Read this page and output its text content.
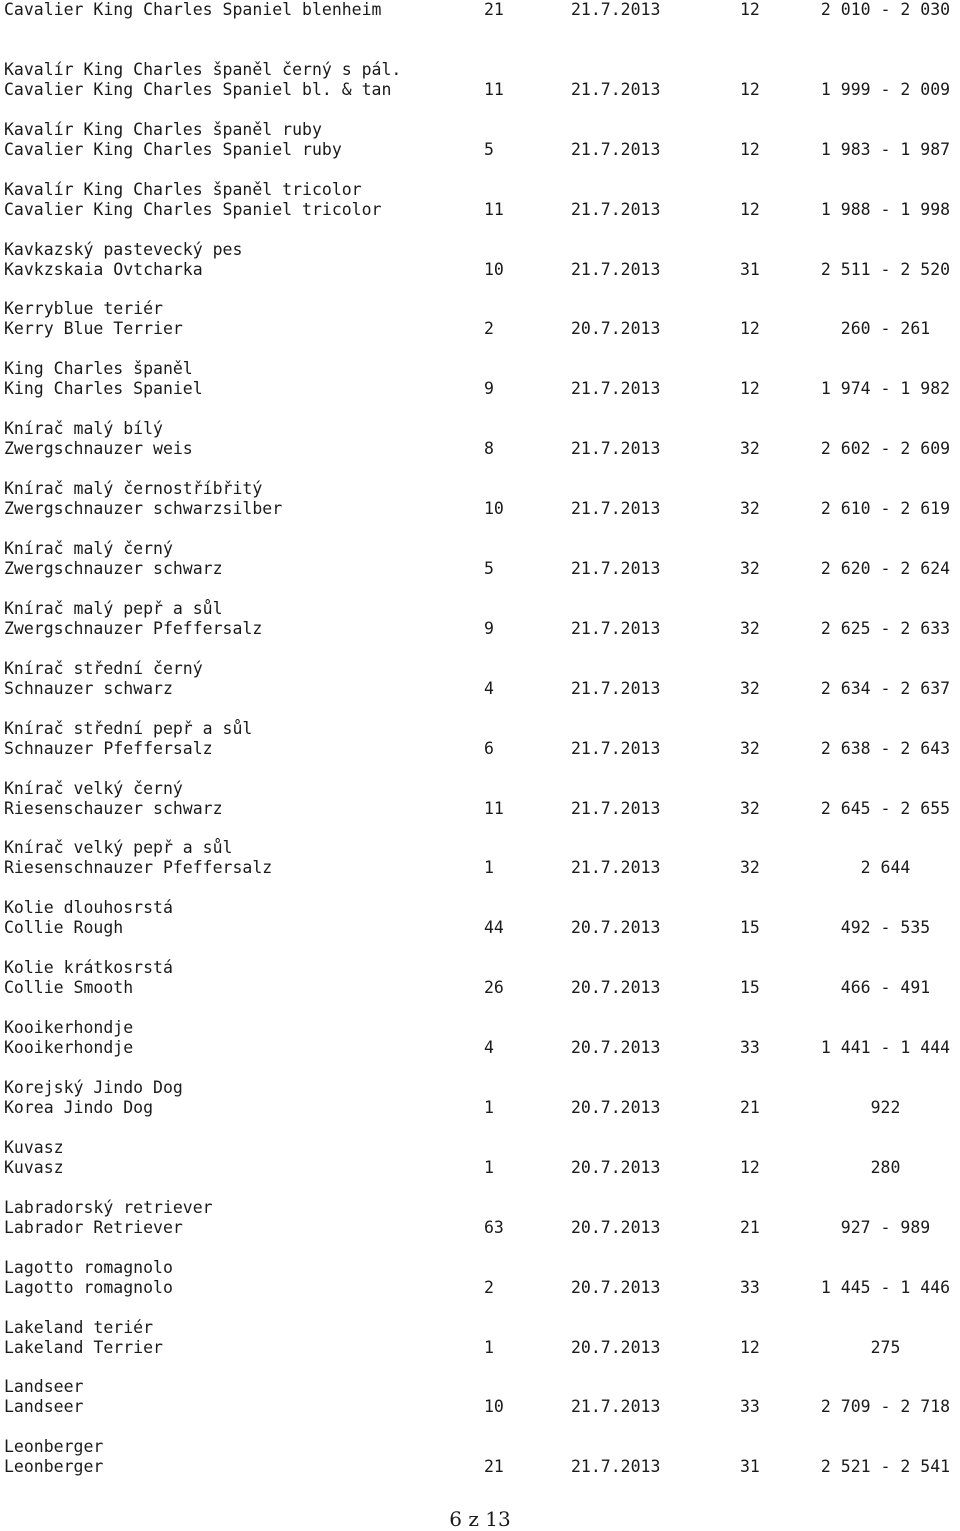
Cavalier King Charles Spaniel blenheim	21	21.7.2013	12	2 010 - 2 030
Kavalír King Charles španěl černý s pál.
Cavalier King Charles Spaniel bl. & tan	11	21.7.2013	12	1 999 - 2 009
Kavalír King Charles španěl ruby
Cavalier King Charles Spaniel ruby	5	21.7.2013	12	1 983 - 1 987
Kavalír King Charles španěl tricolor
Cavalier King Charles Spaniel tricolor	11	21.7.2013	12	1 988 - 1 998
Kavkazský pastevecký pes
Kavkzskaia Ovtcharka	10	21.7.2013	31	2 511 - 2 520
Kerryblue teriér
Kerry Blue Terrier	2	20.7.2013	12	260 - 261
King Charles španěl
King Charles Spaniel	9	21.7.2013	12	1 974 - 1 982
Knírač malý bílý
Zwergschnauzer weis	8	21.7.2013	32	2 602 - 2 609
Knírač malý černostříbřitý
Zwergschnauzer schwarzsilber	10	21.7.2013	32	2 610 - 2 619
Knírač malý černý
Zwergschnauzer schwarz	5	21.7.2013	32	2 620 - 2 624
Knírač malý pepř a sůl
Zwergschnauzer Pfeffersalz	9	21.7.2013	32	2 625 - 2 633
Knírač střední černý
Schnauzer schwarz	4	21.7.2013	32	2 634 - 2 637
Knírač střední pepř a sůl
Schnauzer Pfeffersalz	6	21.7.2013	32	2 638 - 2 643
Knírač velký černý
Riesenschauzer schwarz	11	21.7.2013	32	2 645 - 2 655
Knírač velký pepř a sůl
Riesenschnauzer Pfeffersalz	1	21.7.2013	32	2 644
Kolie dlouhosrstá
Collie Rough	44	20.7.2013	15	492 - 535
Kolie krátkosrstá
Collie Smooth	26	20.7.2013	15	466 - 491
Kooikerhondje
Kooikerhondje	4	20.7.2013	33	1 441 - 1 444
Korejský Jindo Dog
Korea Jindo Dog	1	20.7.2013	21	922
Kuvasz
Kuvasz	1	20.7.2013	12	280
Labradorský retriever
Labrador Retriever	63	20.7.2013	21	927 - 989
Lagotto romagnolo
Lagotto romagnolo	2	20.7.2013	33	1 445 - 1 446
Lakeland teriér
Lakeland Terrier	1	20.7.2013	12	275
Landseer
Landseer	10	21.7.2013	33	2 709 - 2 718
Leonberger
Leonberger	21	21.7.2013	31	2 521 - 2 541
6 z 13
